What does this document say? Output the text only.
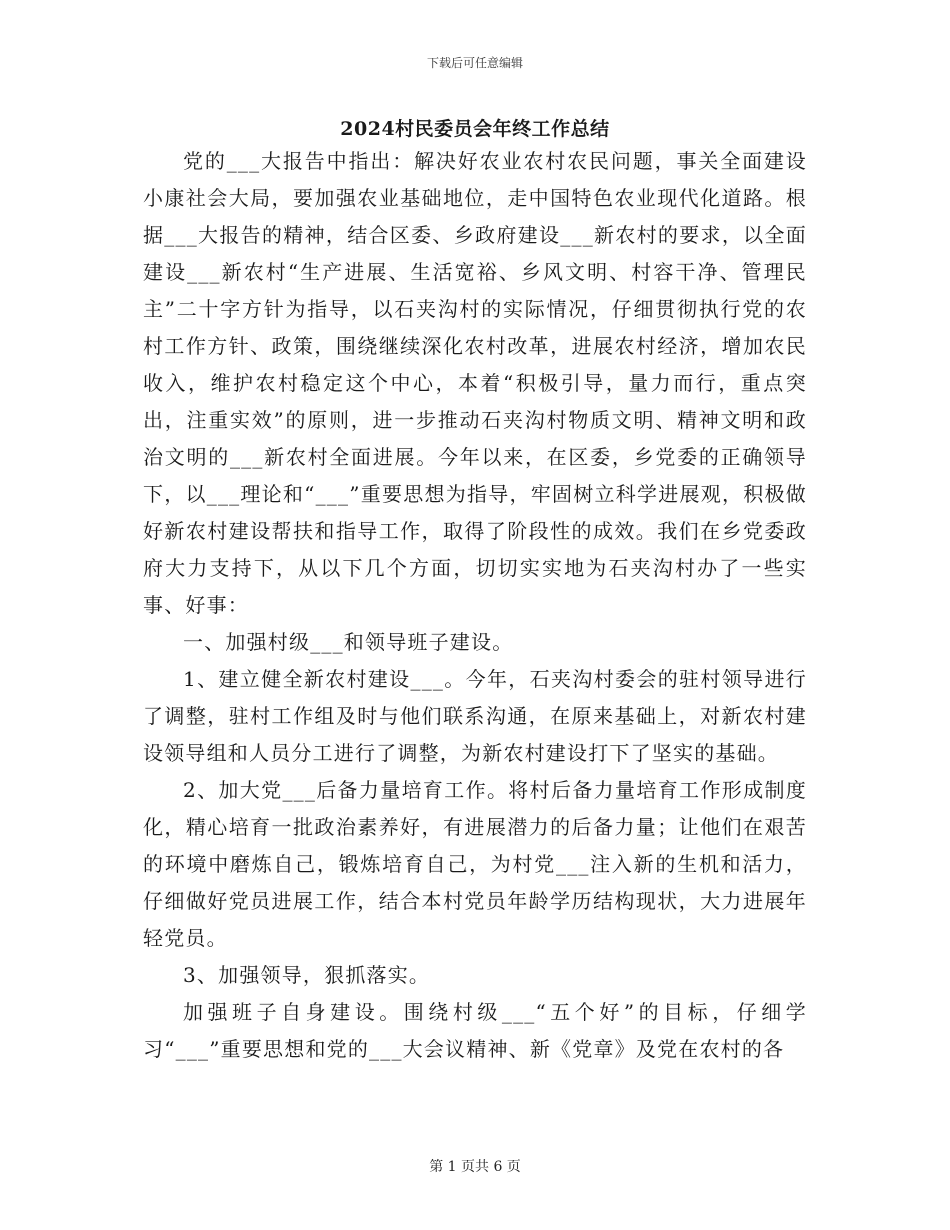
下载后可任意编辑
2024村民委员会年终工作总结

党的___大报告中指出：解决好农业农村农民问题，事关全面建设小康社会大局，要加强农业基础地位，走中国特色农业现代化道路。根据___大报告的精神，结合区委、乡政府建设___新农村的要求，以全面建设___新农村“生产进展、生活宽裕、乡风文明、村容干净、管理民主”二十字方针为指导，以石夹沟村的实际情况，仔细贯彻执行党的农村工作方针、政策，围绕继续深化农村改革，进展农村经济，增加农民收入，维护农村稳定这个中心，本着“积极引导，量力而行，重点突出，注重实效”的原则，进一步推动石夹沟村物质文明、精神文明和政治文明的___新农村全面进展。今年以来，在区委，乡党委的正确领导下，以___理论和“___”重要思想为指导，牢固树立科学进展观，积极做好新农村建设帮扶和指导工作，取得了阶段性的成效。我们在乡党委政府大力支持下，从以下几个方面，切切实实地为石夹沟村办了一些实事、好事：

一、加强村级___和领导班子建设。

1、建立健全新农村建设___。今年，石夹沟村委会的驻村领导进行了调整，驻村工作组及时与他们联系沟通，在原来基础上，对新农村建设领导组和人员分工进行了调整，为新农村建设打下了坚实的基础。

2、加大党___后备力量培育工作。将村后备力量培育工作形成制度化，精心培育一批政治素养好，有进展潜力的后备力量；让他们在艰苦的环境中磨炼自己，锻炼培育自己，为村党___注入新的生机和活力，仔细做好党员进展工作，结合本村党员年龄学历结构现状，大力进展年轻党员。

3、加强领导，狠抓落实。

加强班子自身建设。围绕村级___“五个好”的目标，仔细学习“___”重要思想和党的___大会议精神、新《党章》及党在农村的各

第 1 页共 6 页
